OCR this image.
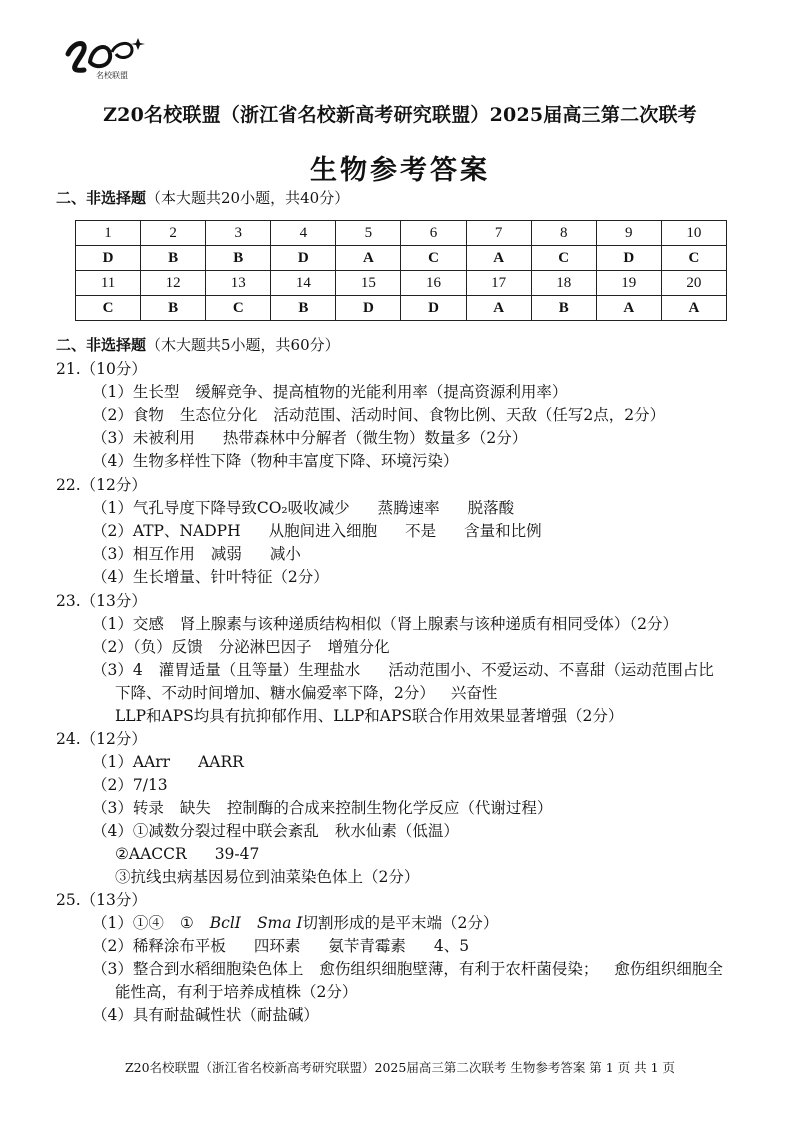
名校联盟
Z20名校联盟（浙江省名校新高考研究联盟）2025届高三第二次联考
生物参考答案
二、非选择题（本大题共20小题，共40分）
1	2	3	4	5	6	7	8	9	10
D	B	B	D	A	C	A	C	D	C
11	12	13	14	15	16	17	18	19	20
C	B	C	B	D	D	A	B	A	A
二、非选择题（木大题共5小题，共60分）
21.（10分）
（1）生长型 缓解竞争、提高植物的光能利用率（提高资源利用率）
（2）食物 生态位分化 活动范围、活动时间、食物比例、天敌（任写2点，2分）
（3）未被利用 热带森林中分解者（微生物）数量多（2分）
（4）生物多样性下降（物种丰富度下降、环境污染）
22.（12分）
（1）气孔导度下降导致CO₂吸收减少 蒸腾速率 脱落酸
（2）ATP、NADPH 从胞间进入细胞 不是 含量和比例
（3）相互作用 减弱 减小
（4）生长增量、针叶特征（2分）
23.（13分）
（1）交感 肾上腺素与该种递质结构相似（肾上腺素与该种递质有相同受体）（2分）
（2）（负）反馈 分泌淋巴因子 增殖分化
（3）4 灌胃适量（且等量）生理盐水 活动范围小、不爱运动、不喜甜（运动范围占比
下降、不动时间增加、糖水偏爱率下降，2分） 兴奋性
LLP和APS均具有抗抑郁作用、LLP和APS联合作用效果显著增强（2分）
24.（12分）
（1）AArr AARR
（2）7/13
（3）转录 缺失 控制酶的合成来控制生物化学反应（代谢过程）
（4）①减数分裂过程中联会紊乱 秋水仙素（低温）
②AACCR 39-47
③抗线虫病基因易位到油菜染色体上（2分）
25.（13分）
（1）①④ ① BclI Sma I切割形成的是平末端（2分）
（2）稀释涂布平板 四环素 氨苄青霉素 4、5
（3）整合到水稻细胞染色体上 愈伤组织细胞壁薄，有利于农杆菌侵染； 愈伤组织细胞全
能性高，有利于培养成植株（2分）
（4）具有耐盐碱性状（耐盐碱）
Z20名校联盟（浙江省名校新高考研究联盟）2025届高三第二次联考 生物参考答案 第 1 页 共 1 页
